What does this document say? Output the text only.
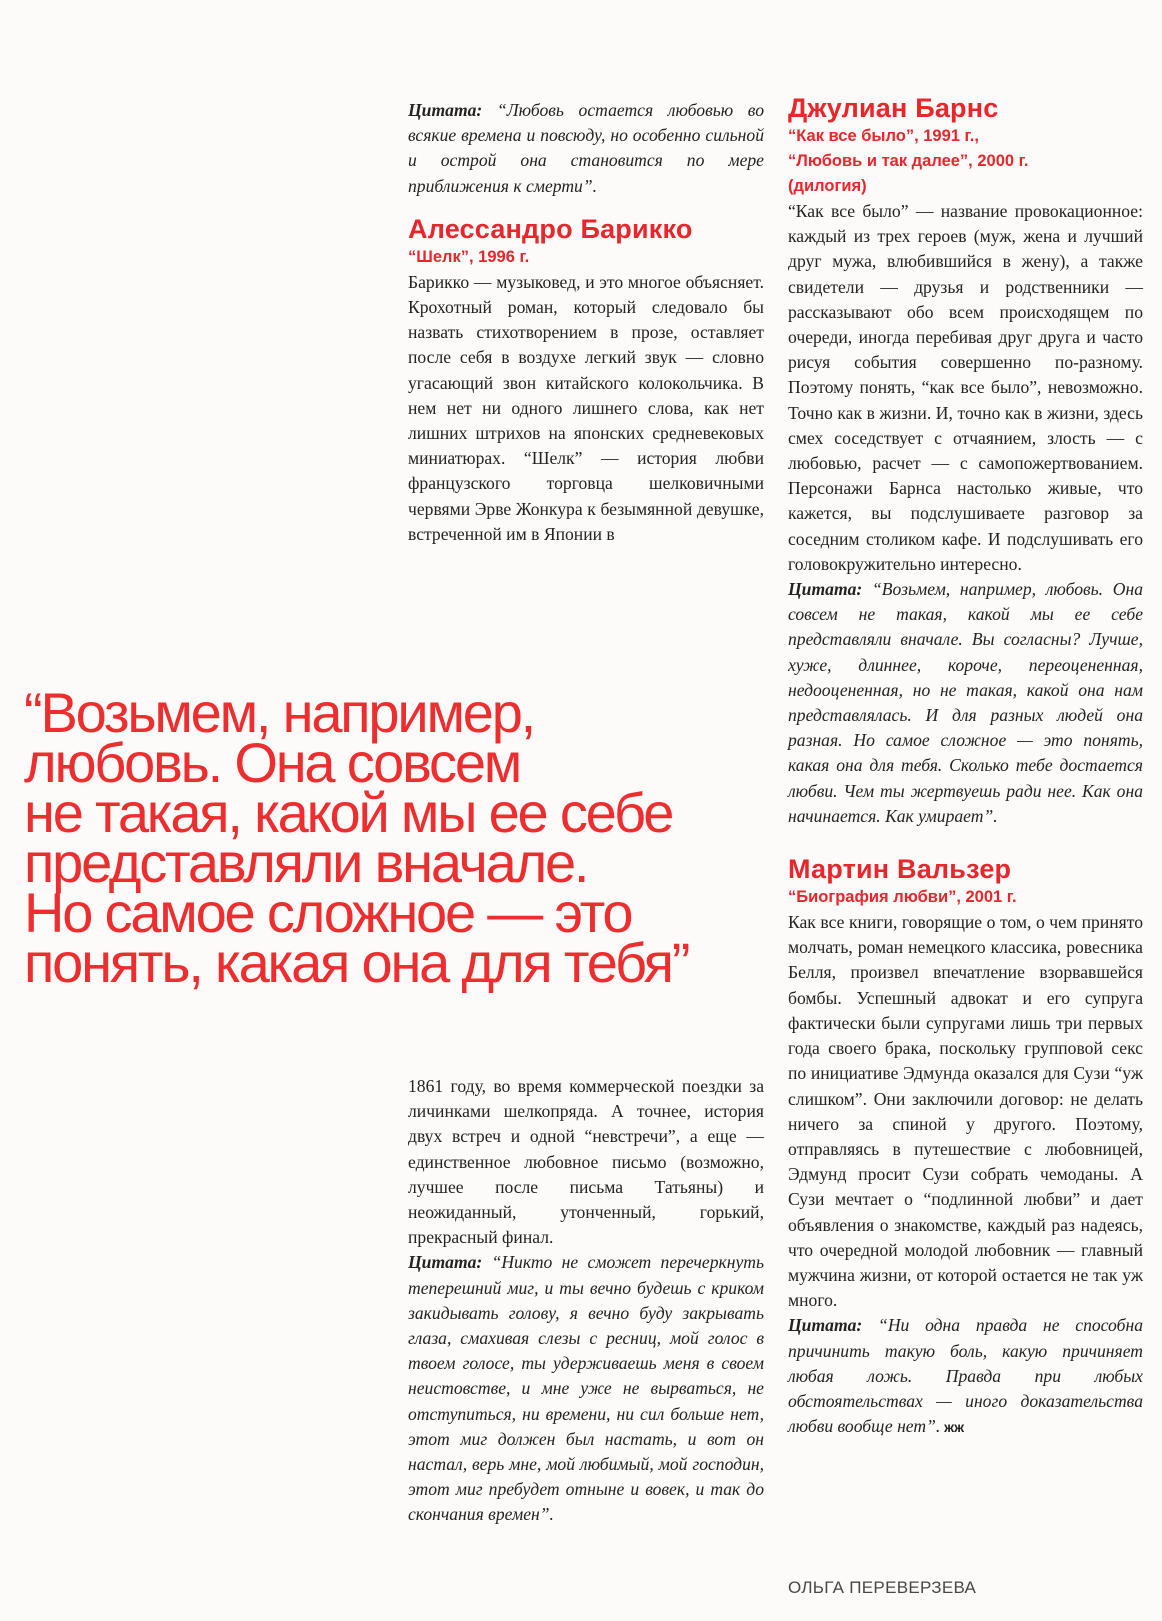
Цитата: “Любовь остается любовью во всякие времена и повсюду, но особенно сильной и острой она становится по мере приближения к смерти”.

Алессандро Барикко

“Шелк”, 1996 г.

Барикко — музыковед, и это многое объясняет. Крохотный роман, который следовало бы назвать стихотворением в прозе, оставляет после себя в воздухе легкий звук — словно угасающий звон китайского колокольчика. В нем нет ни одного лишнего слова, как нет лишних штрихов на японских средневековых миниатюрах. “Шелк” — история любви французского торговца шелковичными червями Эрве Жонкура к безымянной девушке, встреченной им в Японии в

“Возьмем, например,
любовь. Она совсем
не такая, какой мы ее себе
представляли вначале.
Но самое сложное — это
понять, какая она для тебя”

1861 году, во время коммерческой поездки за личинками шелкопряда. А точнее, история двух встреч и одной “невстречи”, а еще — единственное любовное письмо (возможно, лучшее после письма Татьяны) и неожиданный, утонченный, горький, прекрасный финал.

Цитата: “Никто не сможет перечеркнуть теперешний миг, и ты вечно будешь с криком закидывать голову, я вечно буду закрывать глаза, смахивая слезы с ресниц, мой голос в твоем голосе, ты удерживаешь меня в своем неистовстве, и мне уже не вырваться, не отступиться, ни времени, ни сил больше нет, этот миг должен был настать, и вот он настал, верь мне, мой любимый, мой господин, этот миг пребудет отныне и вовек, и так до скончания времен”.

Джулиан Барнс

“Как все было”, 1991 г.,

“Любовь и так далее”, 2000 г.

(дилогия)

“Как все было” — название провокационное: каждый из трех героев (муж, жена и лучший друг мужа, влюбившийся в жену), а также свидетели — друзья и родственники — рассказывают обо всем происходящем по очереди, иногда перебивая друг друга и часто рисуя события совершенно по-разному. Поэтому понять, “как все было”, невозможно. Точно как в жизни. И, точно как в жизни, здесь смех соседствует с отчаянием, злость — с любовью, расчет — с самопожертвованием. Персонажи Барнса настолько живые, что кажется, вы подслушиваете разговор за соседним столиком кафе. И подслушивать его головокружительно интересно.

Цитата: “Возьмем, например, любовь. Она совсем не такая, какой мы ее себе представляли вначале. Вы согласны? Лучше, хуже, длиннее, короче, переоцененная, недооцененная, но не такая, какой она нам представлялась. И для разных людей она разная. Но самое сложное — это понять, какая она для тебя. Сколько тебе достается любви. Чем ты жертвуешь ради нее. Как она начинается. Как умирает”.

Мартин Вальзер

“Биография любви”, 2001 г.

Как все книги, говорящие о том, о чем принято молчать, роман немецкого классика, ровесника Белля, произвел впечатление взорвавшейся бомбы. Успешный адвокат и его супруга фактически были супругами лишь три первых года своего брака, поскольку групповой секс по инициативе Эдмунда оказался для Сузи “уж слишком”. Они заключили договор: не делать ничего за спиной у другого. Поэтому, отправляясь в путешествие с любовницей, Эдмунд просит Сузи собрать чемоданы. А Сузи мечтает о “подлинной любви” и дает объявления о знакомстве, каждый раз надеясь, что очередной молодой любовник — главный мужчина жизни, от которой остается не так уж много.

Цитата: “Ни одна правда не способна причинить такую боль, какую причиняет любая ложь. Правда при любых обстоятельствах — иного доказательства любви вообще нет”. жж

ОЛЬГА ПЕРЕВЕРЗЕВА
